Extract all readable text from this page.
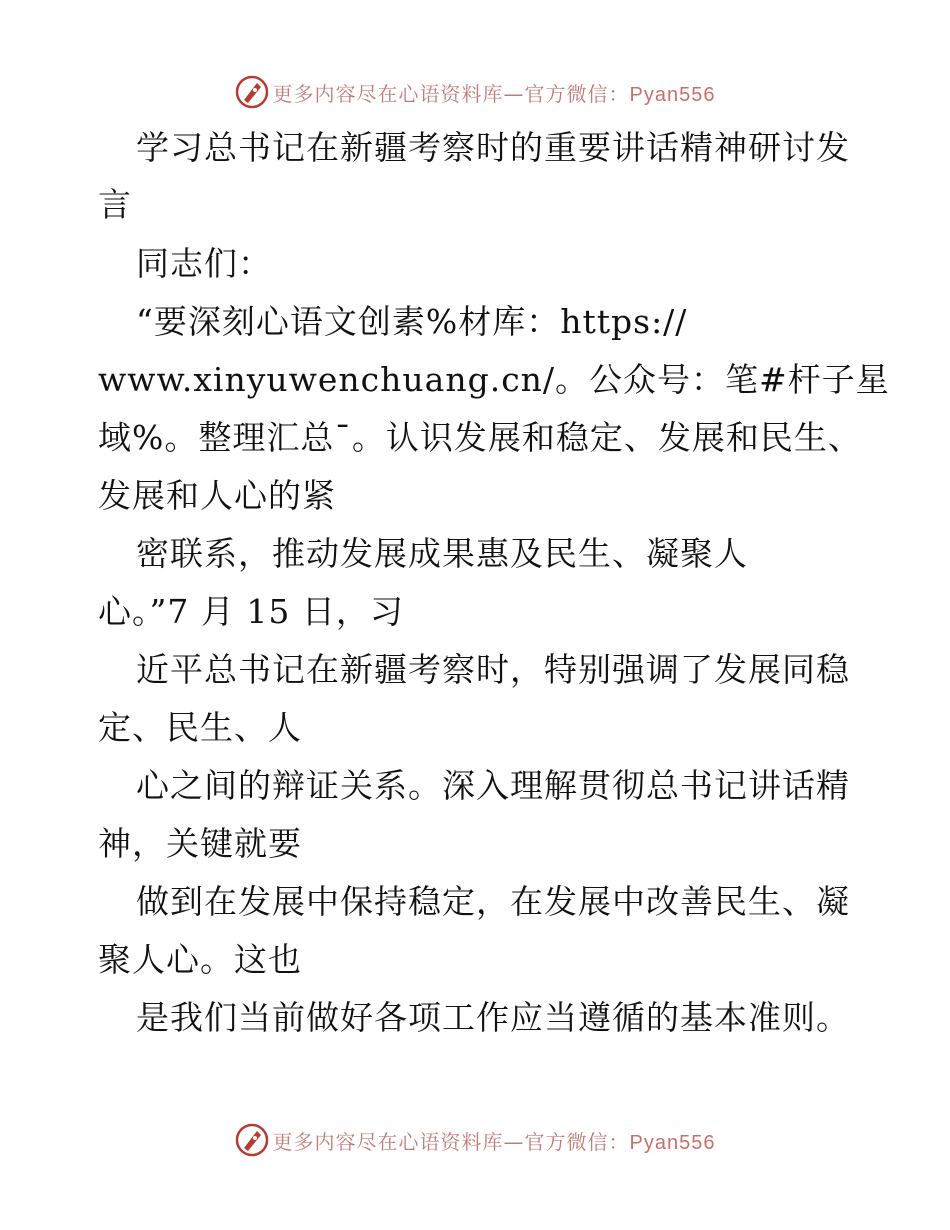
更多内容尽在心语资料库—官方微信：Pyan556
学习总书记在新疆考察时的重要讲话精神研讨发
言
同志们：
“要深刻心语文创素%材库：https://
www.xinyuwenchuang.cn/。公众号：笔#杆子星
域%。整理汇总¯。认识发展和稳定、发展和民生、
发展和人心的紧
密联系，推动发展成果惠及民生、凝聚人
心。”7 月 15 日，习
近平总书记在新疆考察时，特别强调了发展同稳
定、民生、人
心之间的辩证关系。深入理解贯彻总书记讲话精
神，关键就要
做到在发展中保持稳定，在发展中改善民生、凝
聚人心。这也
是我们当前做好各项工作应当遵循的基本准则。
更多内容尽在心语资料库—官方微信：Pyan556
